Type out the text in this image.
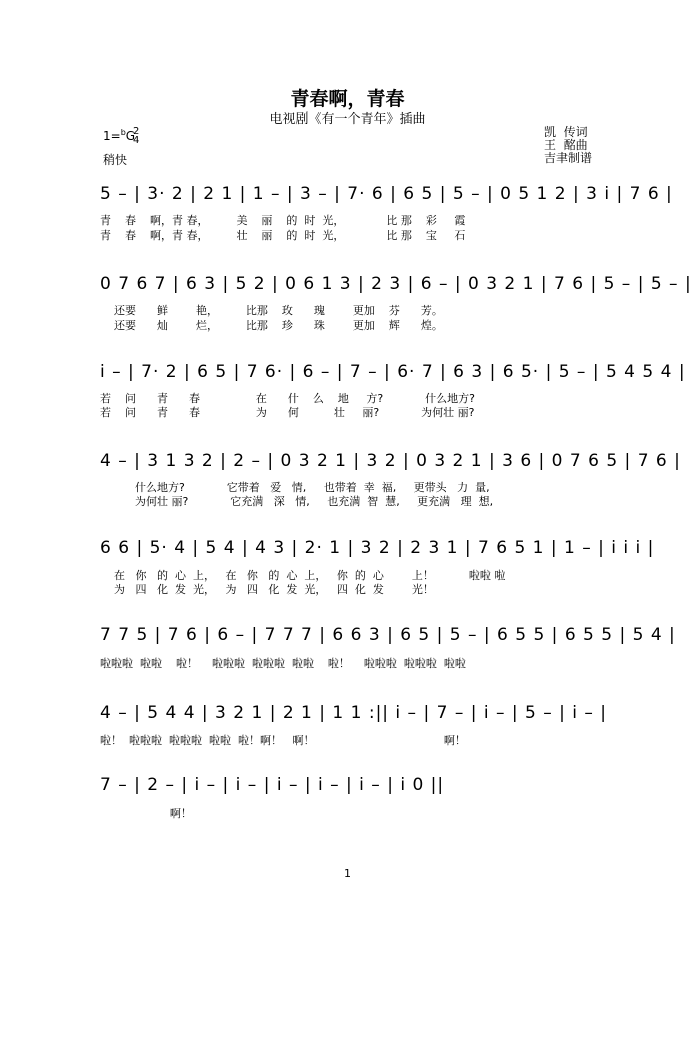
青春啊，青春
电视剧《有一个青年》插曲
1=$^b$G
2
4
稍快
凯  传词
王  酩曲
吉聿制谱
5 – | 3· 2 | 2 1 | 1 – | 3 – | 7· 6 | 6 5 | 5 – | 0 5 1 2 | 3 i | 7 6 |
青    春    啊，青 春，        美    丽    的  时  光，            比 那    彩     霞
青    春    啊，青 春，        壮    丽    的  时  光，            比 那    宝     石
0 7 6 7 | 6 3 | 5 2 | 0 6 1 3 | 2 3 | 6 – | 0 3 2 1 | 7 6 | 5 – | 5 – |
还要      鲜        艳，        比那    玫      瑰        更加    芬      芳。
还要      灿        烂，        比那    珍      珠        更加    辉      煌。
i – | 7· 2 | 6 5 | 7 6· | 6 – | 7 – | 6· 7 | 6 3 | 6 5· | 5 – | 5 4 5 4 |
若    问      青      春                在      什    么    地     方?            什么地方?
若    问      青      春                为      何          壮     丽?            为何壮 丽?
4 – | 3 1 3 2 | 2 – | 0 3 2 1 | 3 2 | 0 3 2 1 | 3 6 | 0 7 6 5 | 7 6 |
什么地方?            它带着   爱   情,     也带着  幸  福,     更带头   力  量,
为何壮 丽?            它充满   深   情,     也充满  智  慧,     更充满   理  想,
6 6 | 5· 4 | 5 4 | 4 3 | 2· 1 | 3 2 | 2 3 1 | 7 6 5 1 | 1 – | i i i |
在   你   的  心  上，   在   你   的  心  上，   你  的  心        上！          啦啦 啦
为   四   化  发  光，   为   四   化  发  光，   四  化  发        光！
7 7 5 | 7 6 | 6 – | 7 7 7 | 6 6 3 | 6 5 | 5 – | 6 5 5 | 6 5 5 | 5 4 |
啦啦啦  啦啦    啦！    啦啦啦  啦啦啦  啦啦    啦！    啦啦啦  啦啦啦  啦啦
4 – | 5 4 4 | 3 2 1 | 2 1 | 1 1 :|| i – | 7 – | i – | 5 – | i – |
啦！  啦啦啦  啦啦啦  啦啦  啦！啊！   啊！                                     啊！
7 – | 2 – | i – | i – | i – | i – | i – | i 0 ||
啊！
1
